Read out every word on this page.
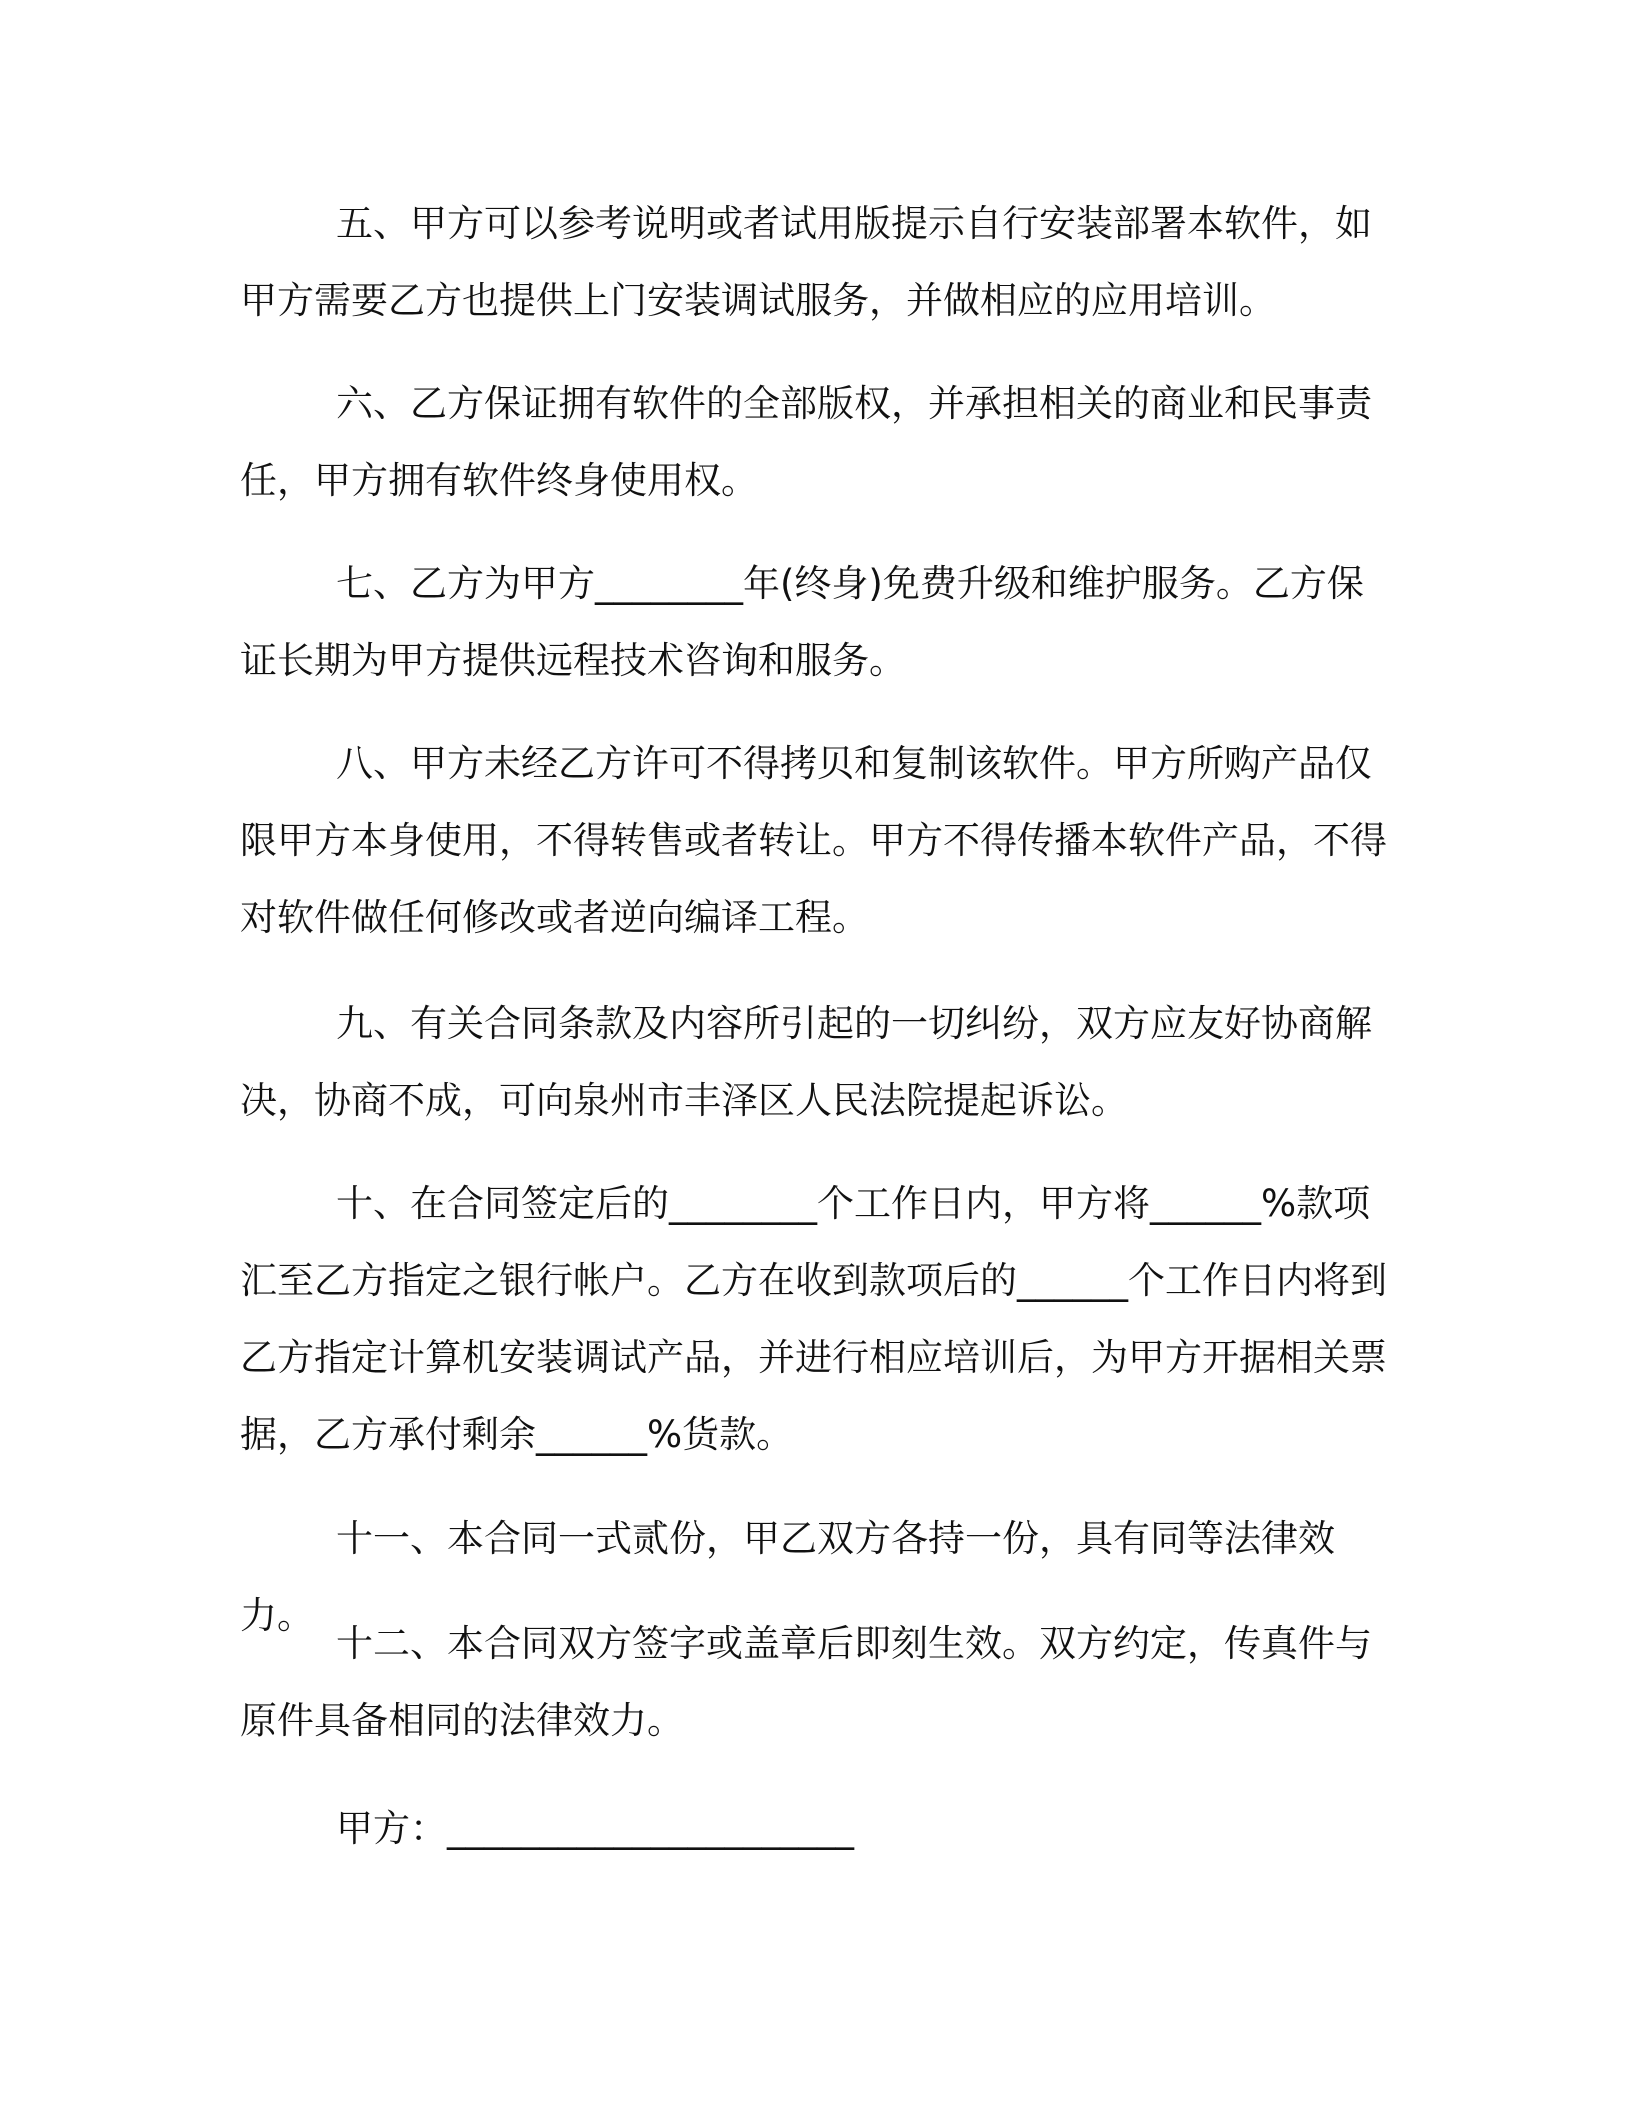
五、甲方可以参考说明或者试用版提示自行安装部署本软件，如甲方需要乙方也提供上门安装调试服务，并做相应的应用培训。

六、乙方保证拥有软件的全部版权，并承担相关的商业和民事责任，甲方拥有软件终身使用权。

七、乙方为甲方________年(终身)免费升级和维护服务。乙方保证长期为甲方提供远程技术咨询和服务。

八、甲方未经乙方许可不得拷贝和复制该软件。甲方所购产品仅限甲方本身使用，不得转售或者转让。甲方不得传播本软件产品，不得对软件做任何修改或者逆向编译工程。

九、有关合同条款及内容所引起的一切纠纷，双方应友好协商解决，协商不成，可向泉州市丰泽区人民法院提起诉讼。

十、在合同签定后的________个工作日内，甲方将______%款项汇至乙方指定之银行帐户。乙方在收到款项后的______个工作日内将到乙方指定计算机安装调试产品，并进行相应培训后，为甲方开据相关票据，乙方承付剩余______%货款。

十一、本合同一式贰份，甲乙双方各持一份，具有同等法律效力。

十二、本合同双方签字或盖章后即刻生效。双方约定，传真件与原件具备相同的法律效力。

甲方：______________________
